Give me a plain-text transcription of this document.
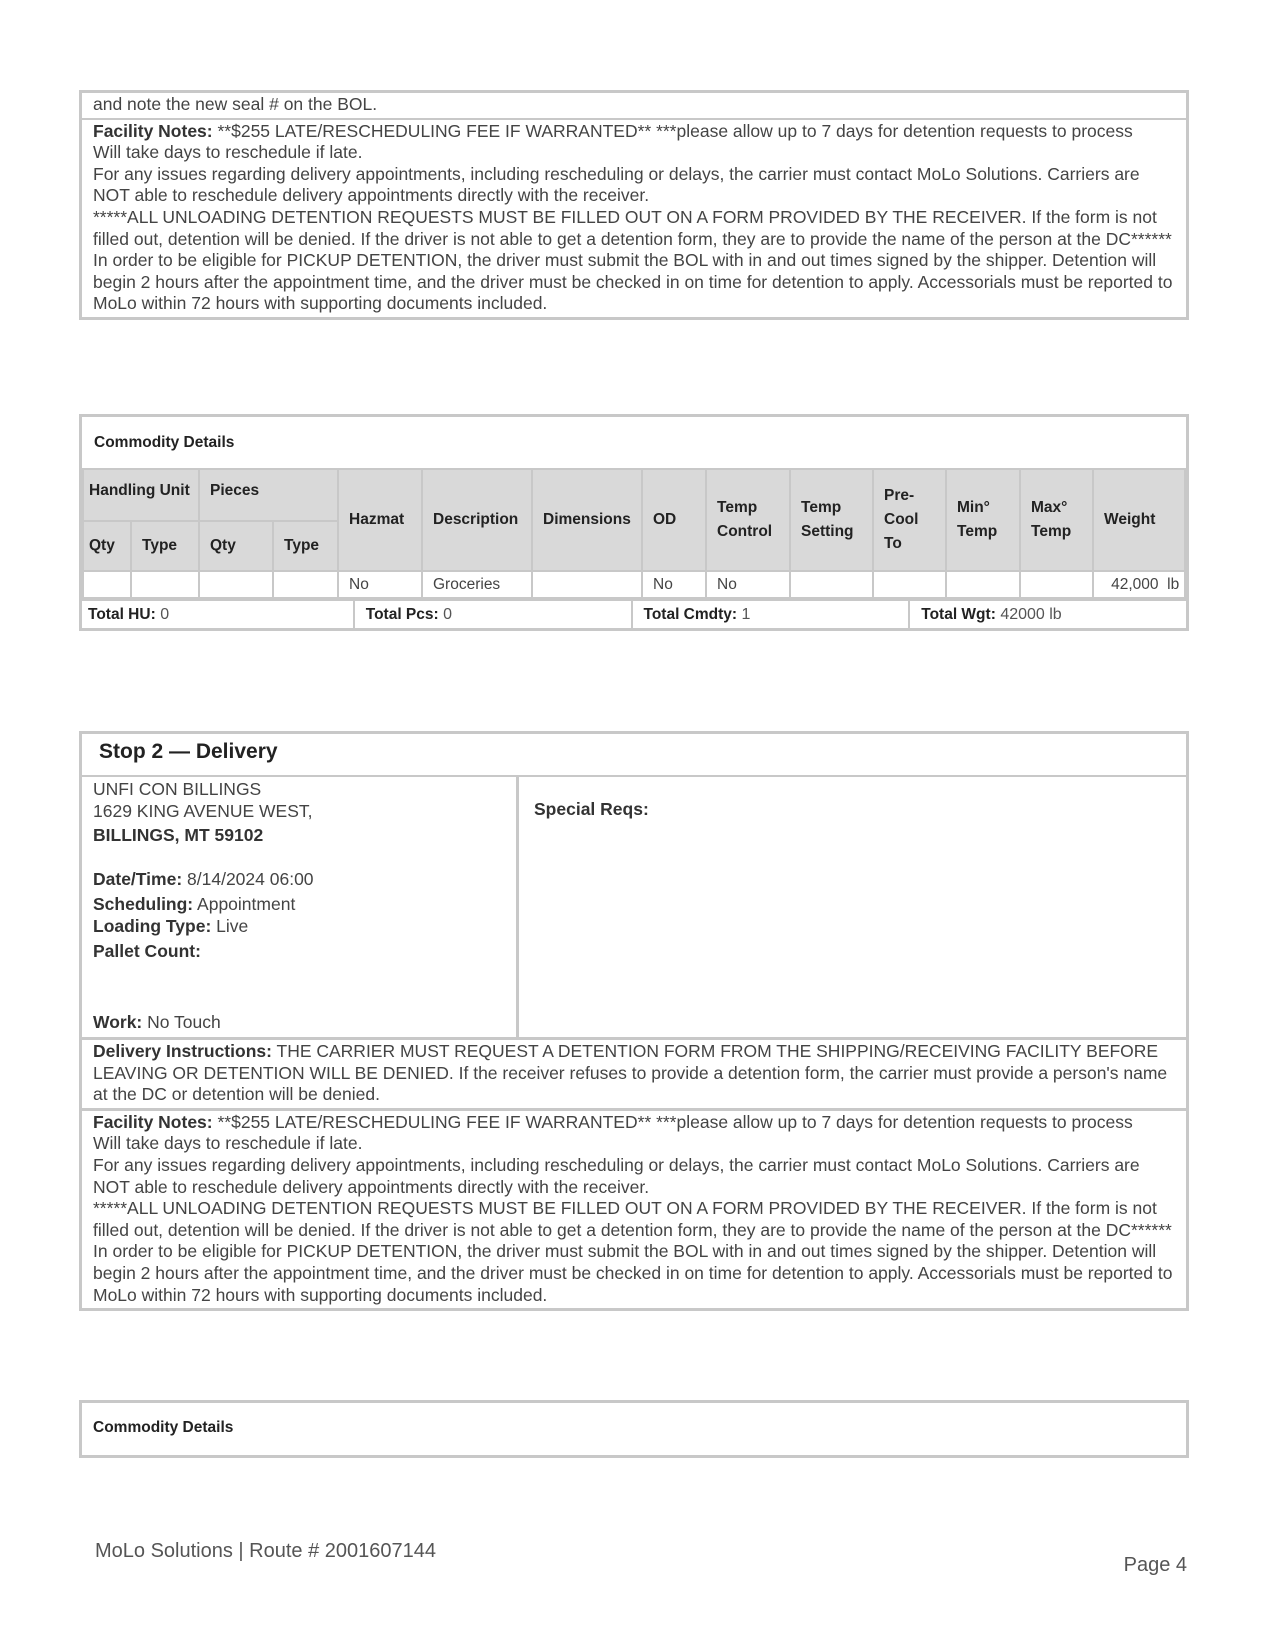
and note the new seal # on the BOL.
Facility Notes: **$255 LATE/RESCHEDULING FEE IF WARRANTED** ***please allow up to 7 days for detention requests to process
Will take days to reschedule if late.
For any issues regarding delivery appointments, including rescheduling or delays, the carrier must contact MoLo Solutions. Carriers are NOT able to reschedule delivery appointments directly with the receiver.
*****ALL UNLOADING DETENTION REQUESTS MUST BE FILLED OUT ON A FORM PROVIDED BY THE RECEIVER. If the form is not filled out, detention will be denied. If the driver is not able to get a detention form, they are to provide the name of the person at the DC******
In order to be eligible for PICKUP DETENTION, the driver must submit the BOL with in and out times signed by the shipper. Detention will begin 2 hours after the appointment time, and the driver must be checked in on time for detention to apply. Accessorials must be reported to MoLo within 72 hours with supporting documents included.
Commodity Details													
Handling Unit		Pieces		Hazmat	Description	Dimensions	OD	Temp Control	Temp Setting	Pre-Cool To	Min° Temp	Max° Temp	Weight
Qty	Type	Qty	Type										
				No	Groceries		No	No					42,000  lb
Total HU: 0	Total Pcs: 0	Total Cmdty: 1	Total Wgt: 42000 lb
Stop 2 — Delivery
UNFI CON BILLINGS
1629 KING AVENUE WEST,
BILLINGS, MT 59102
Date/Time: 8/14/2024 06:00
Scheduling: Appointment
Loading Type: Live
Pallet Count:
Work: No Touch
Special Reqs:
Delivery Instructions: THE CARRIER MUST REQUEST A DETENTION FORM FROM THE SHIPPING/RECEIVING FACILITY BEFORE LEAVING OR DETENTION WILL BE DENIED. If the receiver refuses to provide a detention form, the carrier must provide a person's name at the DC or detention will be denied.
Facility Notes: **$255 LATE/RESCHEDULING FEE IF WARRANTED** ***please allow up to 7 days for detention requests to process
Will take days to reschedule if late.
For any issues regarding delivery appointments, including rescheduling or delays, the carrier must contact MoLo Solutions. Carriers are NOT able to reschedule delivery appointments directly with the receiver.
*****ALL UNLOADING DETENTION REQUESTS MUST BE FILLED OUT ON A FORM PROVIDED BY THE RECEIVER. If the form is not filled out, detention will be denied. If the driver is not able to get a detention form, they are to provide the name of the person at the DC******
In order to be eligible for PICKUP DETENTION, the driver must submit the BOL with in and out times signed by the shipper. Detention will begin 2 hours after the appointment time, and the driver must be checked in on time for detention to apply. Accessorials must be reported to MoLo within 72 hours with supporting documents included.
Commodity Details
MoLo Solutions | Route # 2001607144
Page 4
